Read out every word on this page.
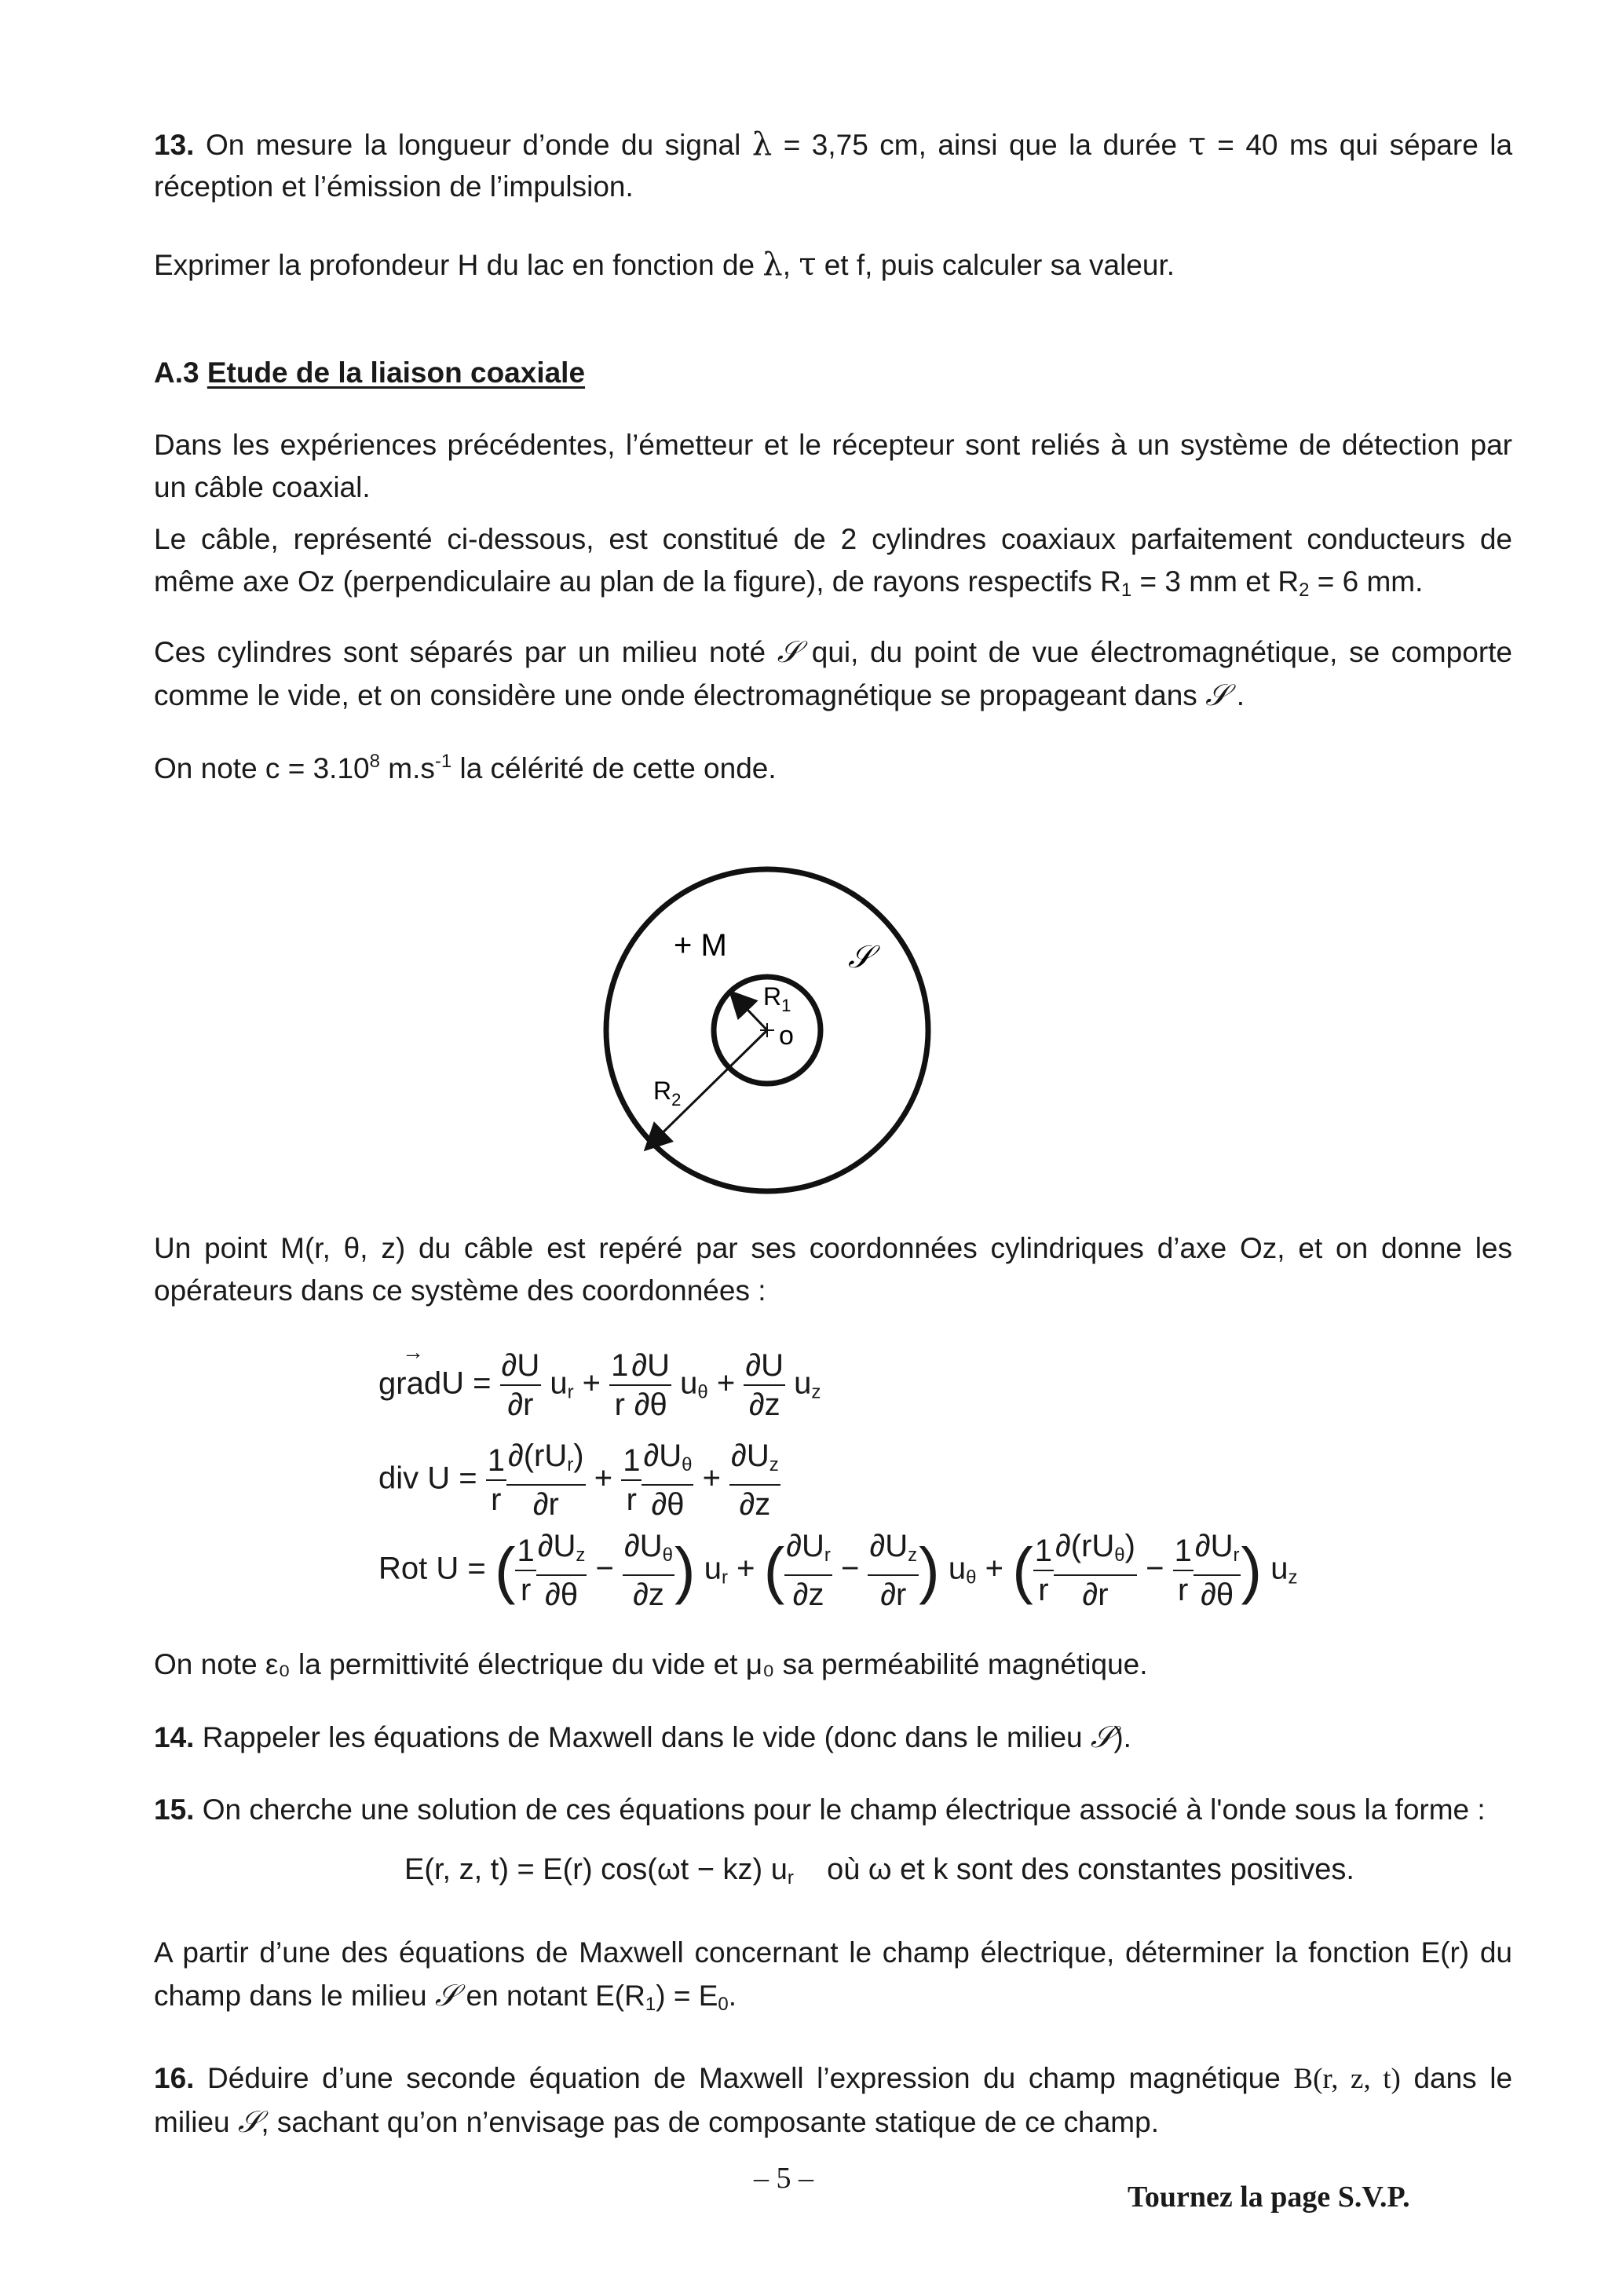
13. On mesure la longueur d’onde du signal λ = 3,75 cm, ainsi que la durée τ = 40 ms qui sépare la

réception et l’émission de l’impulsion.

Exprimer la profondeur H du lac en fonction de λ, τ et f, puis calculer sa valeur.

A.3 Etude de la liaison coaxiale

Dans les expériences précédentes, l’émetteur et le récepteur sont reliés à un système de détection par un câble coaxial.

Le câble, représenté ci-dessous, est constitué de 2 cylindres coaxiaux parfaitement conducteurs de même axe Oz (perpendiculaire au plan de la figure), de rayons respectifs $R_1 = 3$ mm et $R_2 = 6$ mm.

Ces cylindres sont séparés par un milieu noté 𝒮 qui, du point de vue électromagnétique, se comporte comme le vide, et on considère une onde électromagnétique se propageant dans 𝒮 .

On note $c = 3.10^8$ $m.s^{-1}$ la célérité de cette onde.

+ M	𝒮
$R_1$
o
$R_2$

Un point M(r, θ, z) du câble est repéré par ses coordonnées cylindriques d’axe Oz, et on donne les opérateurs dans ce système des coordonnées :

grad
→
$U = \frac{\partial U}{\partial r} u_r + \frac{1}{r} \frac{\partial U}{\partial\theta} u_\theta + \frac{\partial U}{\partial z} u_z$
div $U = \frac{1}{r} \frac{\partial(rU_r)}{\partial r} + \frac{1}{r} \frac{\partial U_\theta}{\partial\theta} + \frac{\partial U_z}{\partial z}$
Rot U = ( $\frac{1}{r} \frac{\partial U_z}{\partial\theta} - \frac{\partial U_\theta}{\partial z}$ ) $u_r$ + ( $\frac{\partial U_r}{\partial z} - \frac{\partial U_z}{\partial r}$ ) $u_\theta$ + ( $\frac{1}{r} \frac{\partial(rU_\theta)}{\partial r} - \frac{1}{r} \frac{\partial U_r}{\partial\theta}$ ) $u_z$

On note ε₀ la permittivité électrique du vide et μ₀ sa perméabilité magnétique.

14. Rappeler les équations de Maxwell dans le vide (donc dans le milieu 𝒮).

15. On cherche une solution de ces équations pour le champ électrique associé à l'onde sous la forme :

E(r, z, t) = E(r) cos(ωt − kz) $u_r$ où ω et k sont des constantes positives.

A partir d’une des équations de Maxwell concernant le champ électrique, déterminer la fonction E(r) du champ dans le milieu 𝒮 en notant $E(R_1) = E_0$.

16. Déduire d’une seconde équation de Maxwell l’expression du champ magnétique B(r, z, t) dans le milieu 𝒮, sachant qu’on n’envisage pas de composante statique de ce champ.

– 5 –
Tournez la page S.V.P.
